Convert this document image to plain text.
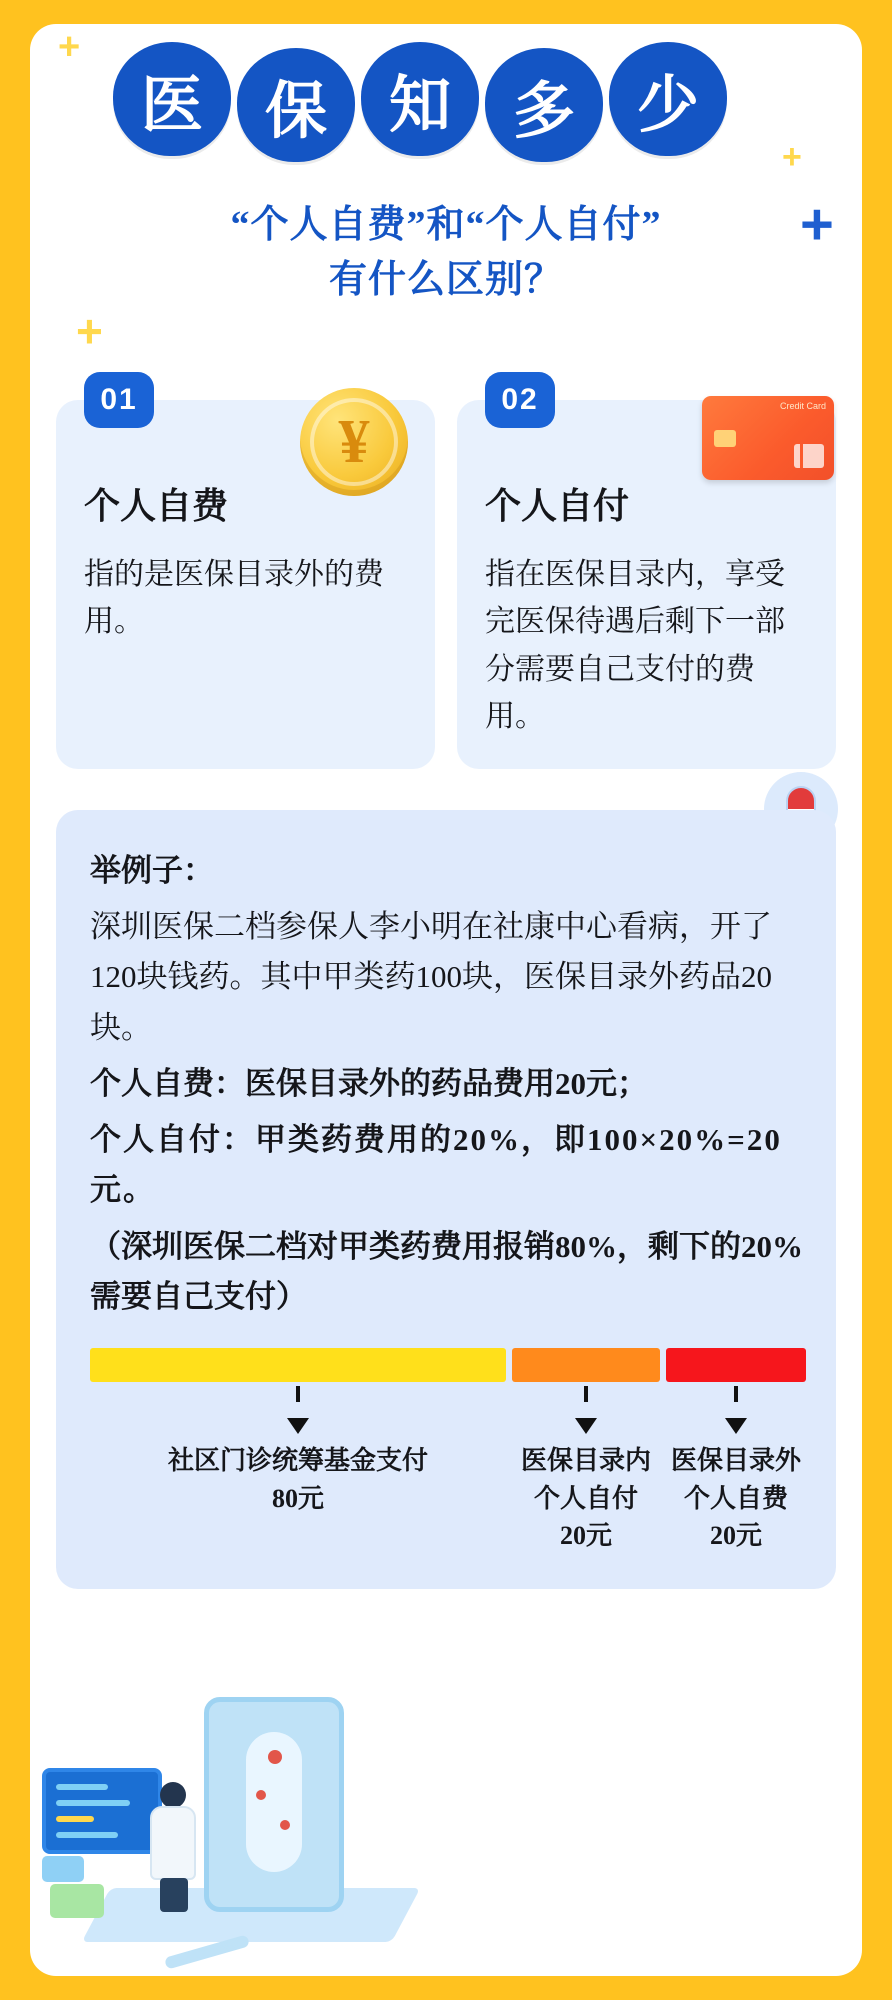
+
+
+
+
医 保 知 多 少
“个人自费”和“个人自付”
有什么区别？
01
个人自费

指的是医保目录外的费用。

02
个人自付

指在医保目录内，享受完医保待遇后剩下一部分需要自己支付的费用。

¥
Credit Card

举例子：

深圳医保二档参保人李小明在社康中心看病，开了120块钱药。其中甲类药100块，医保目录外药品20块。

个人自费：医保目录外的药品费用20元；

个人自付：甲类药费用的20%，即100×20%=20元。

（深圳医保二档对甲类药费用报销80%，剩下的20%需要自己支付）

社区门诊统筹基金支付
80元
医保目录内
个人自付
20元
医保目录外
个人自费
20元
